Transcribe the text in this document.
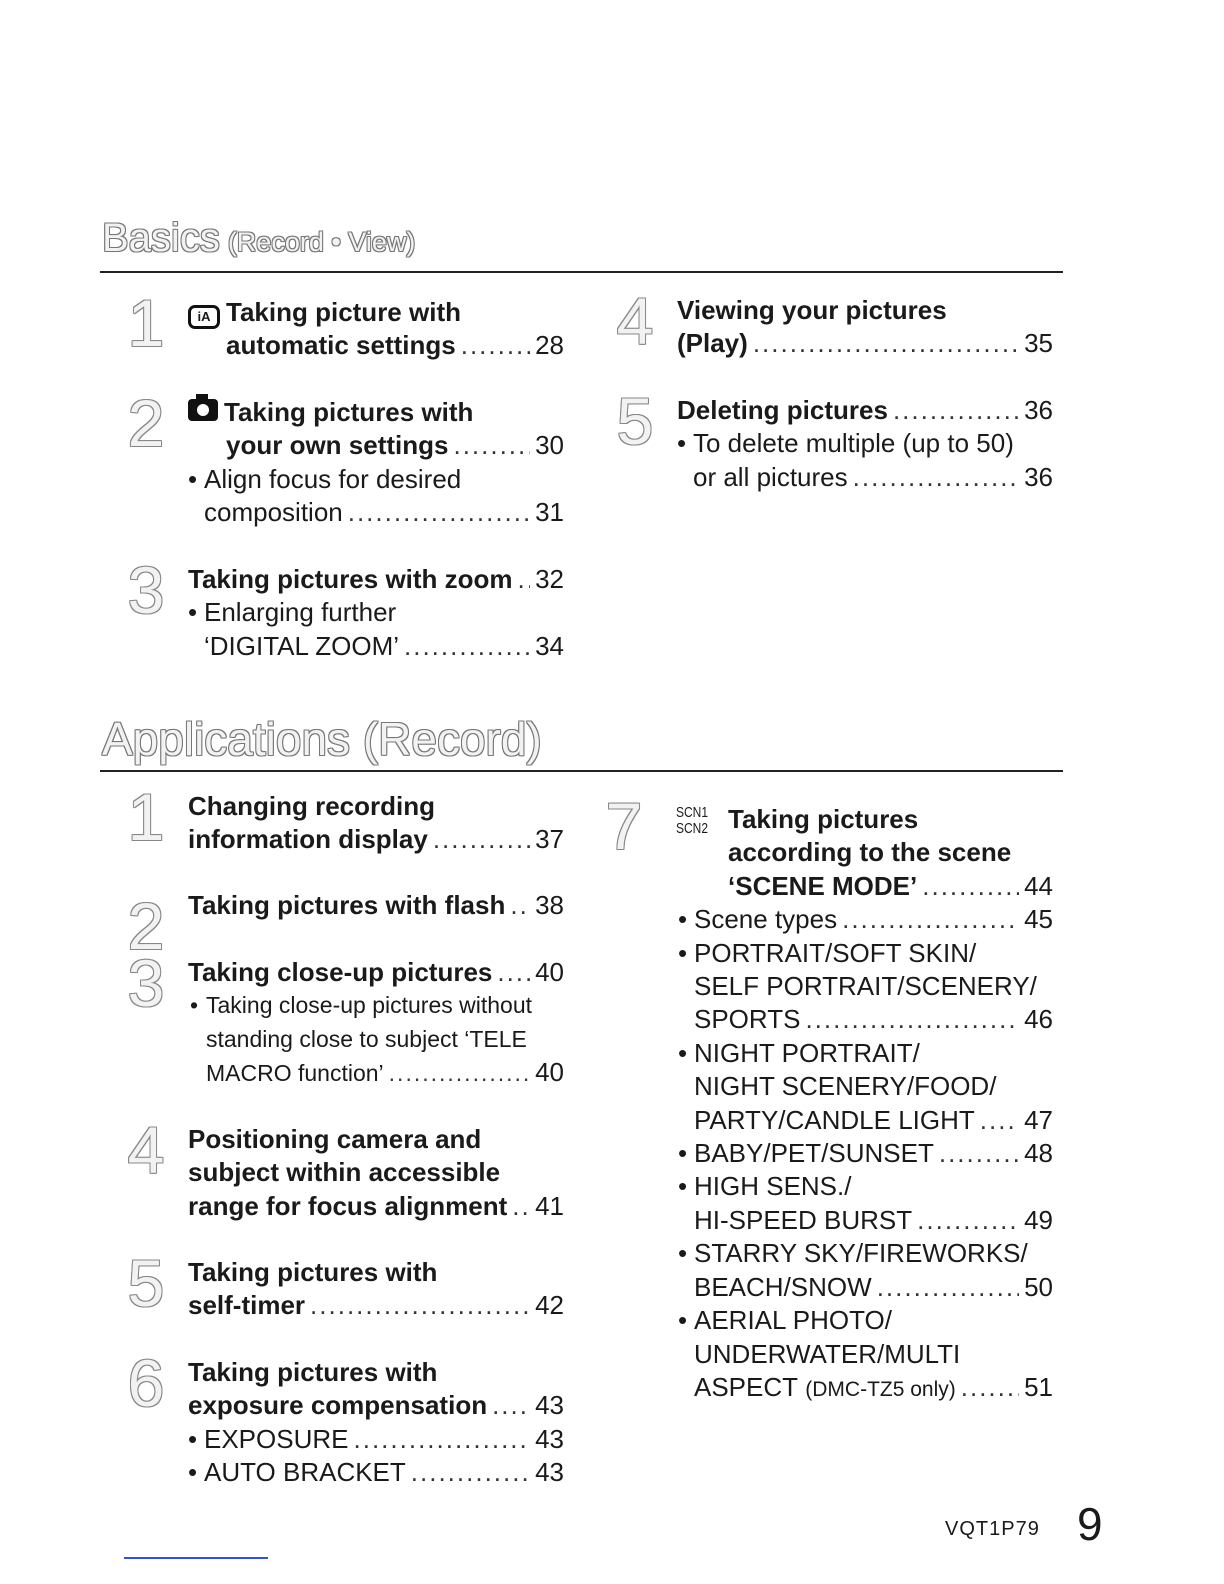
Basics (Record • View)
1	iA Taking picture with
automatic settings .....	28
2 Taking pictures with
your own settings .....	30
• Align focus for desired
composition .....	31
3 Taking pictures with zoom ..... 32
• Enlarging further
‘DIGITAL ZOOM’ .....	34
4 Viewing your pictures
(Play) .....	35
5 Deleting pictures .....	36
• To delete multiple (up to 50)
or all pictures .....	36
Applications (Record)
1 Changing recording
information display .....	37
2 Taking pictures with flash ..... 38
3 Taking close-up pictures ..... 40
• Taking close-up pictures without
standing close to subject ‘TELE
MACRO function’ .....	40
4 Positioning camera and
subject within accessible
range for focus alignment ..... 41
5 Taking pictures with
self-timer .....	42
6 Taking pictures with
exposure compensation ..... 43
• EXPOSURE .....	43
• AUTO BRACKET .....	43
7 SCN1
SCN2 Taking pictures
according to the scene
‘SCENE MODE’ .....	44
• Scene types .....	45
• PORTRAIT/SOFT SKIN/
SELF PORTRAIT/SCENERY/
SPORTS .....	46
• NIGHT PORTRAIT/
NIGHT SCENERY/FOOD/
PARTY/CANDLE LIGHT ..... 47
• BABY/PET/SUNSET .....	48
• HIGH SENS./
HI-SPEED BURST .....	49
• STARRY SKY/FIREWORKS/
BEACH/SNOW .....	50
• AERIAL PHOTO/
UNDERWATER/MULTI
ASPECT
(DMC-TZ5 only) .....	51
VQT1P79 9
